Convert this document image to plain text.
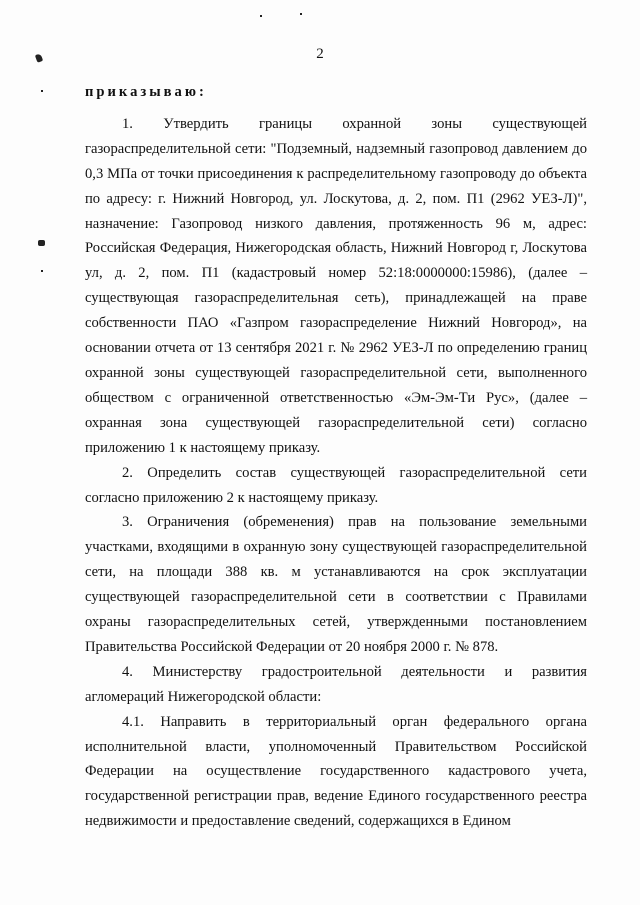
2

приказываю:

1. Утвердить границы охранной зоны существующей газораспределительной сети: "Подземный, надземный газопровод давлением до 0,3 МПа от точки присоединения к распределительному газопроводу до объекта по адресу: г. Нижний Новгород, ул. Лоскутова, д. 2, пом. П1 (2962 УЕЗ-Л)", назначение: Газопровод низкого давления, протяженность 96 м, адрес: Российская Федерация, Нижегородская область, Нижний Новгород г, Лоскутова ул, д. 2, пом. П1 (кадастровый номер 52:18:0000000:15986), (далее – существующая газораспределительная сеть), принадлежащей на праве собственности ПАО «Газпром газораспределение Нижний Новгород», на основании отчета от 13 сентября 2021 г. № 2962 УЕЗ-Л по определению границ охранной зоны существующей газораспределительной сети, выполненного обществом с ограниченной ответственностью «Эм-Эм-Ти Рус», (далее – охранная зона существующей газораспределительной сети) согласно приложению 1 к настоящему приказу.

2. Определить состав существующей газораспределительной сети согласно приложению 2 к настоящему приказу.

3. Ограничения (обременения) прав на пользование земельными участками, входящими в охранную зону существующей газораспределительной сети, на площади 388 кв. м устанавливаются на срок эксплуатации существующей газораспределительной сети в соответствии с Правилами охраны газораспределительных сетей, утвержденными постановлением Правительства Российской Федерации от 20 ноября 2000 г. № 878.

4. Министерству градостроительной деятельности и развития агломераций Нижегородской области:

4.1. Направить в территориальный орган федерального органа исполнительной власти, уполномоченный Правительством Российской Федерации на осуществление государственного кадастрового учета, государственной регистрации прав, ведение Единого государственного реестра недвижимости и предоставление сведений, содержащихся в Едином
